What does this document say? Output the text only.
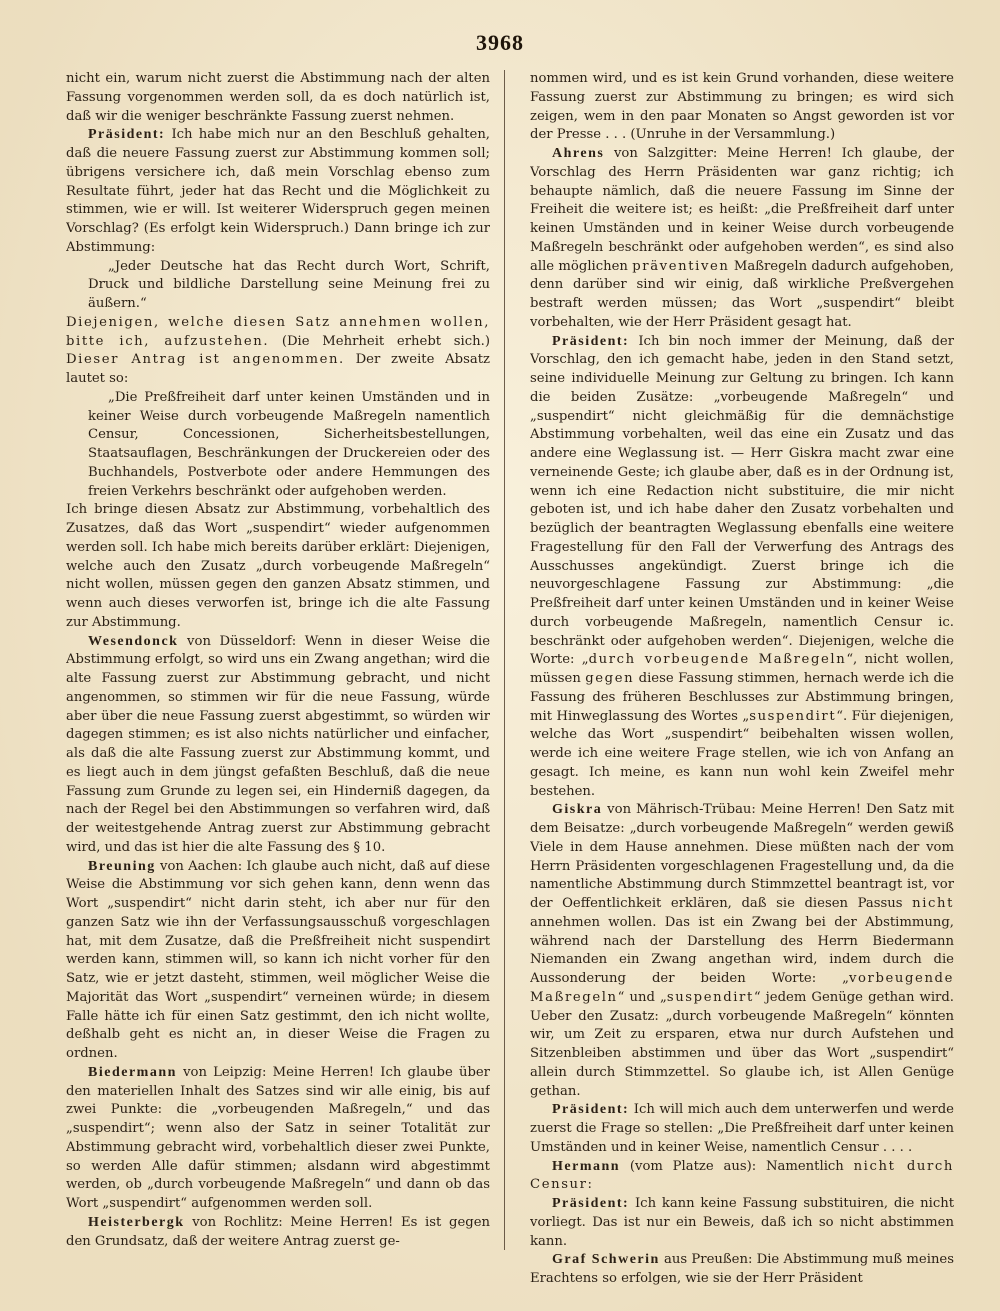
3968

nicht ein, warum nicht zuerst die Abstimmung nach der alten Fassung vorgenommen werden soll, da es doch natürlich ist, daß wir die weniger beschränkte Fassung zuerst nehmen.

Präsident: Ich habe mich nur an den Beschluß gehalten, daß die neuere Fassung zuerst zur Abstimmung kommen soll; übrigens versichere ich, daß mein Vorschlag ebenso zum Resultate führt, jeder hat das Recht und die Möglichkeit zu stimmen, wie er will. Ist weiterer Widerspruch gegen meinen Vorschlag? (Es erfolgt kein Widerspruch.) Dann bringe ich zur Abstimmung:

„Jeder Deutsche hat das Recht durch Wort, Schrift, Druck und bildliche Darstellung seine Meinung frei zu äußern.“

Diejenigen, welche diesen Satz annehmen wollen, bitte ich, aufzustehen. (Die Mehrheit erhebt sich.) Dieser Antrag ist angenommen. Der zweite Absatz lautet so:

„Die Preßfreiheit darf unter keinen Umständen und in keiner Weise durch vorbeugende Maßregeln namentlich Censur, Concessionen, Sicherheitsbestellungen, Staatsauflagen, Beschränkungen der Druckereien oder des Buchhandels, Postverbote oder andere Hemmungen des freien Verkehrs beschränkt oder aufgehoben werden.

Ich bringe diesen Absatz zur Abstimmung, vorbehaltlich des Zusatzes, daß das Wort „suspendirt“ wieder aufgenommen werden soll. Ich habe mich bereits darüber erklärt: Diejenigen, welche auch den Zusatz „durch vorbeugende Maßregeln“ nicht wollen, müssen gegen den ganzen Absatz stimmen, und wenn auch dieses verworfen ist, bringe ich die alte Fassung zur Abstimmung.

Wesendonck von Düsseldorf: Wenn in dieser Weise die Abstimmung erfolgt, so wird uns ein Zwang angethan; wird die alte Fassung zuerst zur Abstimmung gebracht, und nicht angenommen, so stimmen wir für die neue Fassung, würde aber über die neue Fassung zuerst abgestimmt, so würden wir dagegen stimmen; es ist also nichts natürlicher und einfacher, als daß die alte Fassung zuerst zur Abstimmung kommt, und es liegt auch in dem jüngst gefaßten Beschluß, daß die neue Fassung zum Grunde zu legen sei, ein Hinderniß dagegen, da nach der Regel bei den Abstimmungen so verfahren wird, daß der weitestgehende Antrag zuerst zur Abstimmung gebracht wird, und das ist hier die alte Fassung des § 10.

Breuning von Aachen: Ich glaube auch nicht, daß auf diese Weise die Abstimmung vor sich gehen kann, denn wenn das Wort „suspendirt“ nicht darin steht, ich aber nur für den ganzen Satz wie ihn der Verfassungsausschuß vorgeschlagen hat, mit dem Zusatze, daß die Preßfreiheit nicht suspendirt werden kann, stimmen will, so kann ich nicht vorher für den Satz, wie er jetzt dasteht, stimmen, weil möglicher Weise die Majorität das Wort „suspendirt“ verneinen würde; in diesem Falle hätte ich für einen Satz gestimmt, den ich nicht wollte, deßhalb geht es nicht an, in dieser Weise die Fragen zu ordnen.

Biedermann von Leipzig: Meine Herren! Ich glaube über den materiellen Inhalt des Satzes sind wir alle einig, bis auf zwei Punkte: die „vorbeugenden Maßregeln,“ und das „suspendirt“; wenn also der Satz in seiner Totalität zur Abstimmung gebracht wird, vorbehaltlich dieser zwei Punkte, so werden Alle dafür stimmen; alsdann wird abgestimmt werden, ob „durch vorbeugende Maßregeln“ und dann ob das Wort „suspendirt“ aufgenommen werden soll.

Heisterbergk von Rochlitz: Meine Herren! Es ist gegen den Grundsatz, daß der weitere Antrag zuerst ge-

nommen wird, und es ist kein Grund vorhanden, diese weitere Fassung zuerst zur Abstimmung zu bringen; es wird sich zeigen, wem in den paar Monaten so Angst geworden ist vor der Presse . . . (Unruhe in der Versammlung.)

Ahrens von Salzgitter: Meine Herren! Ich glaube, der Vorschlag des Herrn Präsidenten war ganz richtig; ich behaupte nämlich, daß die neuere Fassung im Sinne der Freiheit die weitere ist; es heißt: „die Preßfreiheit darf unter keinen Umständen und in keiner Weise durch vorbeugende Maßregeln beschränkt oder aufgehoben werden“, es sind also alle möglichen präventiven Maßregeln dadurch aufgehoben, denn darüber sind wir einig, daß wirkliche Preßvergehen bestraft werden müssen; das Wort „suspendirt“ bleibt vorbehalten, wie der Herr Präsident gesagt hat.

Präsident: Ich bin noch immer der Meinung, daß der Vorschlag, den ich gemacht habe, jeden in den Stand setzt, seine individuelle Meinung zur Geltung zu bringen. Ich kann die beiden Zusätze: „vorbeugende Maßregeln“ und „suspendirt“ nicht gleichmäßig für die demnächstige Abstimmung vorbehalten, weil das eine ein Zusatz und das andere eine Weglassung ist. — Herr Giskra macht zwar eine verneinende Geste; ich glaube aber, daß es in der Ordnung ist, wenn ich eine Redaction nicht substituire, die mir nicht geboten ist, und ich habe daher den Zusatz vorbehalten und bezüglich der beantragten Weglassung ebenfalls eine weitere Fragestellung für den Fall der Verwerfung des Antrags des Ausschusses angekündigt. Zuerst bringe ich die neuvorgeschlagene Fassung zur Abstimmung: „die Preßfreiheit darf unter keinen Umständen und in keiner Weise durch vorbeugende Maßregeln, namentlich Censur ic. beschränkt oder aufgehoben werden“. Diejenigen, welche die Worte: „durch vorbeugende Maßregeln“, nicht wollen, müssen gegen diese Fassung stimmen, hernach werde ich die Fassung des früheren Beschlusses zur Abstimmung bringen, mit Hinweglassung des Wortes „suspendirt“. Für diejenigen, welche das Wort „suspendirt“ beibehalten wissen wollen, werde ich eine weitere Frage stellen, wie ich von Anfang an gesagt. Ich meine, es kann nun wohl kein Zweifel mehr bestehen.

Giskra von Mährisch-Trübau: Meine Herren! Den Satz mit dem Beisatze: „durch vorbeugende Maßregeln“ werden gewiß Viele in dem Hause annehmen. Diese müßten nach der vom Herrn Präsidenten vorgeschlagenen Fragestellung und, da die namentliche Abstimmung durch Stimmzettel beantragt ist, vor der Oeffentlichkeit erklären, daß sie diesen Passus nicht annehmen wollen. Das ist ein Zwang bei der Abstimmung, während nach der Darstellung des Herrn Biedermann Niemanden ein Zwang angethan wird, indem durch die Aussonderung der beiden Worte: „vorbeugende Maßregeln“ und „suspendirt“ jedem Genüge gethan wird. Ueber den Zusatz: „durch vorbeugende Maßregeln“ könnten wir, um Zeit zu ersparen, etwa nur durch Aufstehen und Sitzenbleiben abstimmen und über das Wort „suspendirt“ allein durch Stimmzettel. So glaube ich, ist Allen Genüge gethan.

Präsident: Ich will mich auch dem unterwerfen und werde zuerst die Frage so stellen: „Die Preßfreiheit darf unter keinen Umständen und in keiner Weise, namentlich Censur . . . .

Hermann (vom Platze aus): Namentlich nicht durch Censur:

Präsident: Ich kann keine Fassung substituiren, die nicht vorliegt. Das ist nur ein Beweis, daß ich so nicht abstimmen kann.

Graf Schwerin aus Preußen: Die Abstimmung muß meines Erachtens so erfolgen, wie sie der Herr Präsident
